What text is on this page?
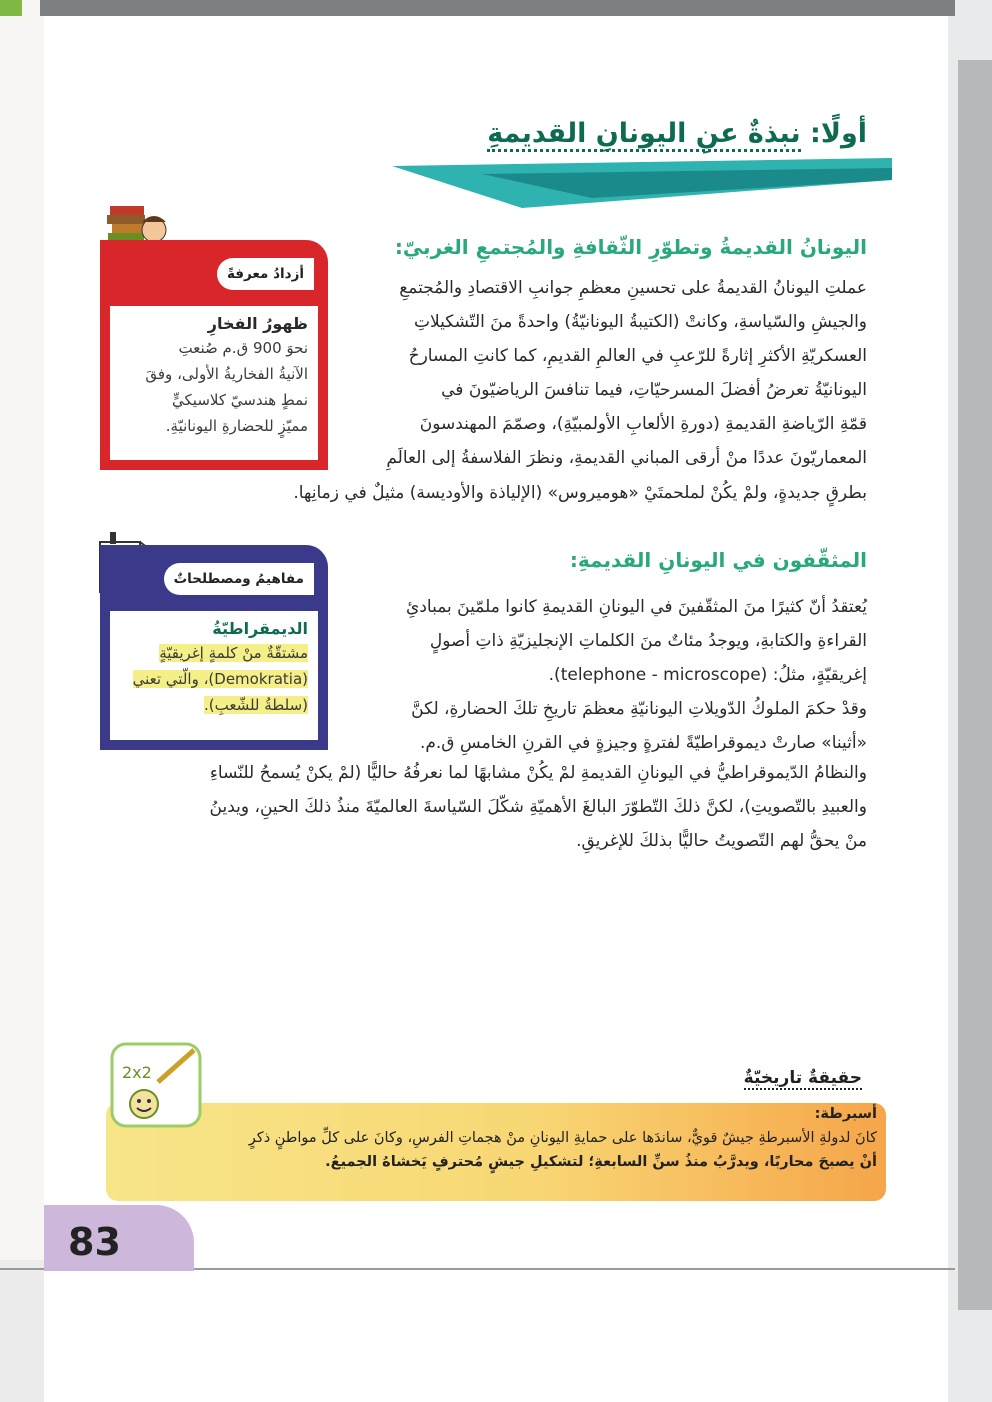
أولًا: نبذةٌ عنِ اليونانِ القديمةِ
اليونانُ القديمةُ وتطوّرِ الثّقافةِ والمُجتمعِ الغربيّ:

عملتِ اليونانُ القديمةُ على تحسينِ معظمِ جوانبِ الاقتصادِ والمُجتمعِ

والجيشِ والسّياسةِ، وكانتْ (الكتيبةُ اليونانيّةُ) واحدةً منَ التّشكيلاتِ

العسكريّةِ الأكثرِ إثارةً للرّعبِ في العالمِ القديمِ، كما كانتِ المسارحُ

اليونانيّةُ تعرضُ أفضلَ المسرحيّاتِ، فيما تنافسَ الرياضيّونَ في

قمّةِ الرّياضةِ القديمةِ (دورةِ الألعابِ الأولمبيّةِ)، وصمّمَ المهندسونَ

المعماريّونَ عددًا منْ أرقى المباني القديمةِ، ونظرَ الفلاسفةُ إلى العالَمِ

بطرقٍ جديدةٍ، ولمْ يكُنْ لملحمتَيْ «هوميروس» (الإلياذة والأوديسة) مثيلٌ في زمانِها.

أزدادُ معرفةً
ظهورُ الفخارِ
نحوَ 900 ق.م صُنعتِ
الآنيةُ الفخاريةُ الأولى، وفقَ
نمطٍ هندسيّ كلاسيكيٍّ
مميّزٍ للحضارةِ اليونانيّةِ.
المثقّفون في اليونانِ القديمةِ:

يُعتقدُ أنّ كثيرًا منَ المثقّفينَ في اليونانِ القديمةِ كانوا ملمّينَ بمبادئِ

القراءةِ والكتابةِ، ويوجدُ مئاتٌ منَ الكلماتِ الإنجليزيّةِ ذاتِ أصولٍ

إغريقيّةٍ، مثلُ: (telephone - microscope).

وقدْ حكمَ الملوكُ الدّويلاتِ اليونانيّةِ معظمَ تاريخِ تلكَ الحضارةِ، لكنَّ

«أثينا» صارتْ ديموقراطيّةً لفترةٍ وجيزةٍ في القرنِ الخامسِ ق.م.

والنظامُ الدّيموقراطيُّ في اليونانِ القديمةِ لمْ يكُنْ مشابهًا لما نعرفُهُ حاليًّا (لمْ يكنْ يُسمحُ للنّساءِ

والعبيدِ بالتّصويتِ)، لكنَّ ذلكَ التّطوّرَ البالغَ الأهميّةِ شكّلَ السّياسةَ العالميّةَ منذُ ذلكَ الحينِ، ويدينُ

منْ يحقُّ لهم التّصويتُ حاليًّا بذلكَ للإغريقِ.

مفاهيمُ ومصطلحاتٌ
الديمقراطيّةُ
مشتقّةٌ منْ كلمةٍ إغريقيّةٍ
(Demokratia)، والّتي تعني
(سلطةُ للشّعبِ).
2x2	حقيقةٌ تاريخيّةٌ
أسبرطة:
كانَ لدولةِ الأسبرطةِ جيشٌ قويٌّ، ساندَها على حمايةِ اليونانِ منْ هجماتِ الفرسِ، وكانَ على كلِّ مواطنٍ ذكرٍ
أنْ يصبحَ محاربًا، ويدرَّبُ منذُ سنِّ السابعةِ؛ لتشكيلِ جيشٍ مُحترفٍ يَخشاهُ الجميعُ.
83
